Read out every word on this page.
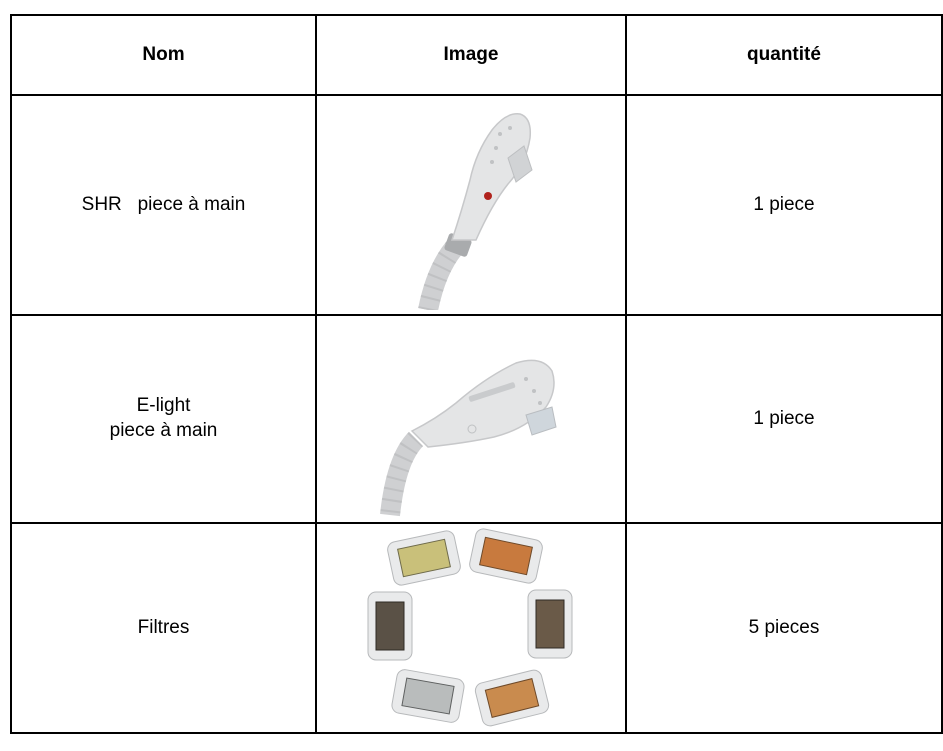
Nom	Image	quantité
SHR   piece à main		1 piece
E-light
piece à main		1 piece
Filtres		5 pieces
